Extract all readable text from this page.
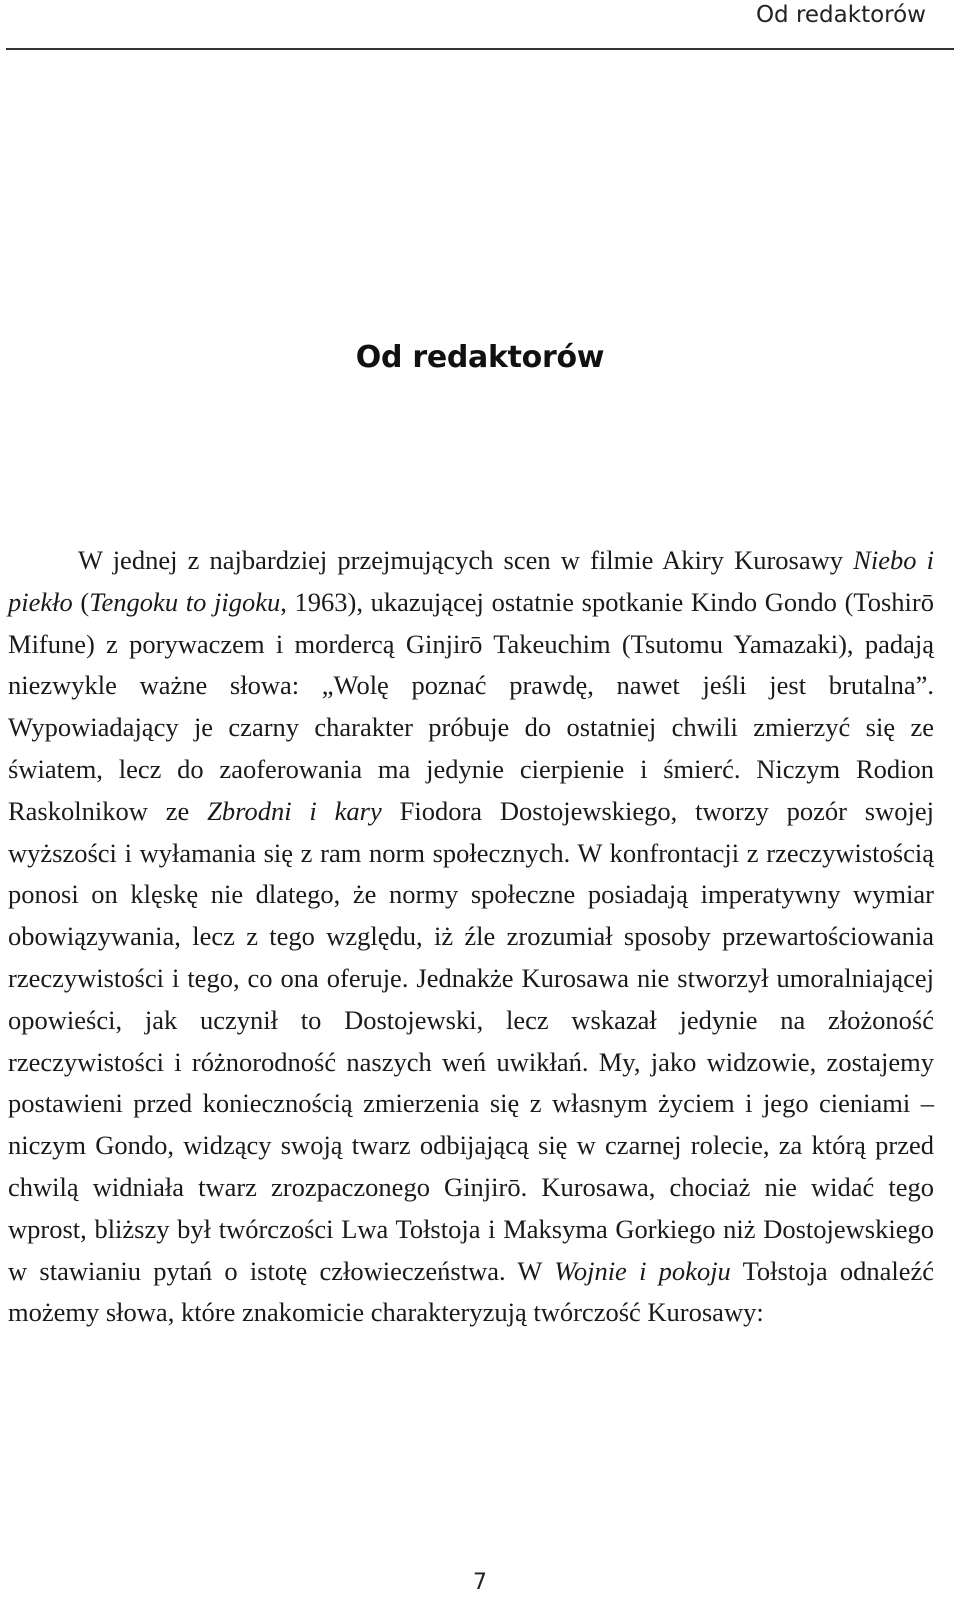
Od redaktorów
Od redaktorów

W jednej z najbardziej przejmujących scen w filmie Akiry Kurosawy Niebo i piekło (Tengoku to jigoku, 1963), ukazującej ostatnie spotkanie Kindo Gondo (Toshirō Mifune) z porywaczem i mordercą Ginjirō Takeuchim (Tsutomu Yamazaki), padają niezwykle ważne słowa: „Wolę poznać prawdę, nawet jeśli jest brutalna”. Wypowiadający je czarny charakter próbuje do ostatniej chwili zmierzyć się ze światem, lecz do zaoferowania ma jedynie cierpienie i śmierć. Niczym Rodion Raskolnikow ze Zbrodni i kary Fiodora Dostojewskiego, tworzy pozór swojej wyższości i wyłamania się z ram norm społecznych. W konfrontacji z rzeczywistością ponosi on klęskę nie dlatego, że normy społeczne posiadają imperatywny wymiar obowiązywania, lecz z tego względu, iż źle zrozumiał sposoby przewartościowania rzeczywistości i tego, co ona oferuje. Jednakże Kurosawa nie stworzył umoralniającej opowieści, jak uczynił to Dostojewski, lecz wskazał jedynie na złożoność rzeczywistości i różnorodność naszych weń uwikłań. My, jako widzowie, zostajemy postawieni przed koniecznością zmierzenia się z własnym życiem i jego cieniami – niczym Gondo, widzący swoją twarz odbijającą się w czarnej rolecie, za którą przed chwilą widniała twarz zrozpaczonego Ginjirō. Kurosawa, chociaż nie widać tego wprost, bliższy był twórczości Lwa Tołstoja i Maksyma Gorkiego niż Dostojewskiego w stawianiu pytań o istotę człowieczeństwa. W Wojnie i pokoju Tołstoja odnaleźć możemy słowa, które znakomicie charakteryzują twórczość Kurosawy:

7
